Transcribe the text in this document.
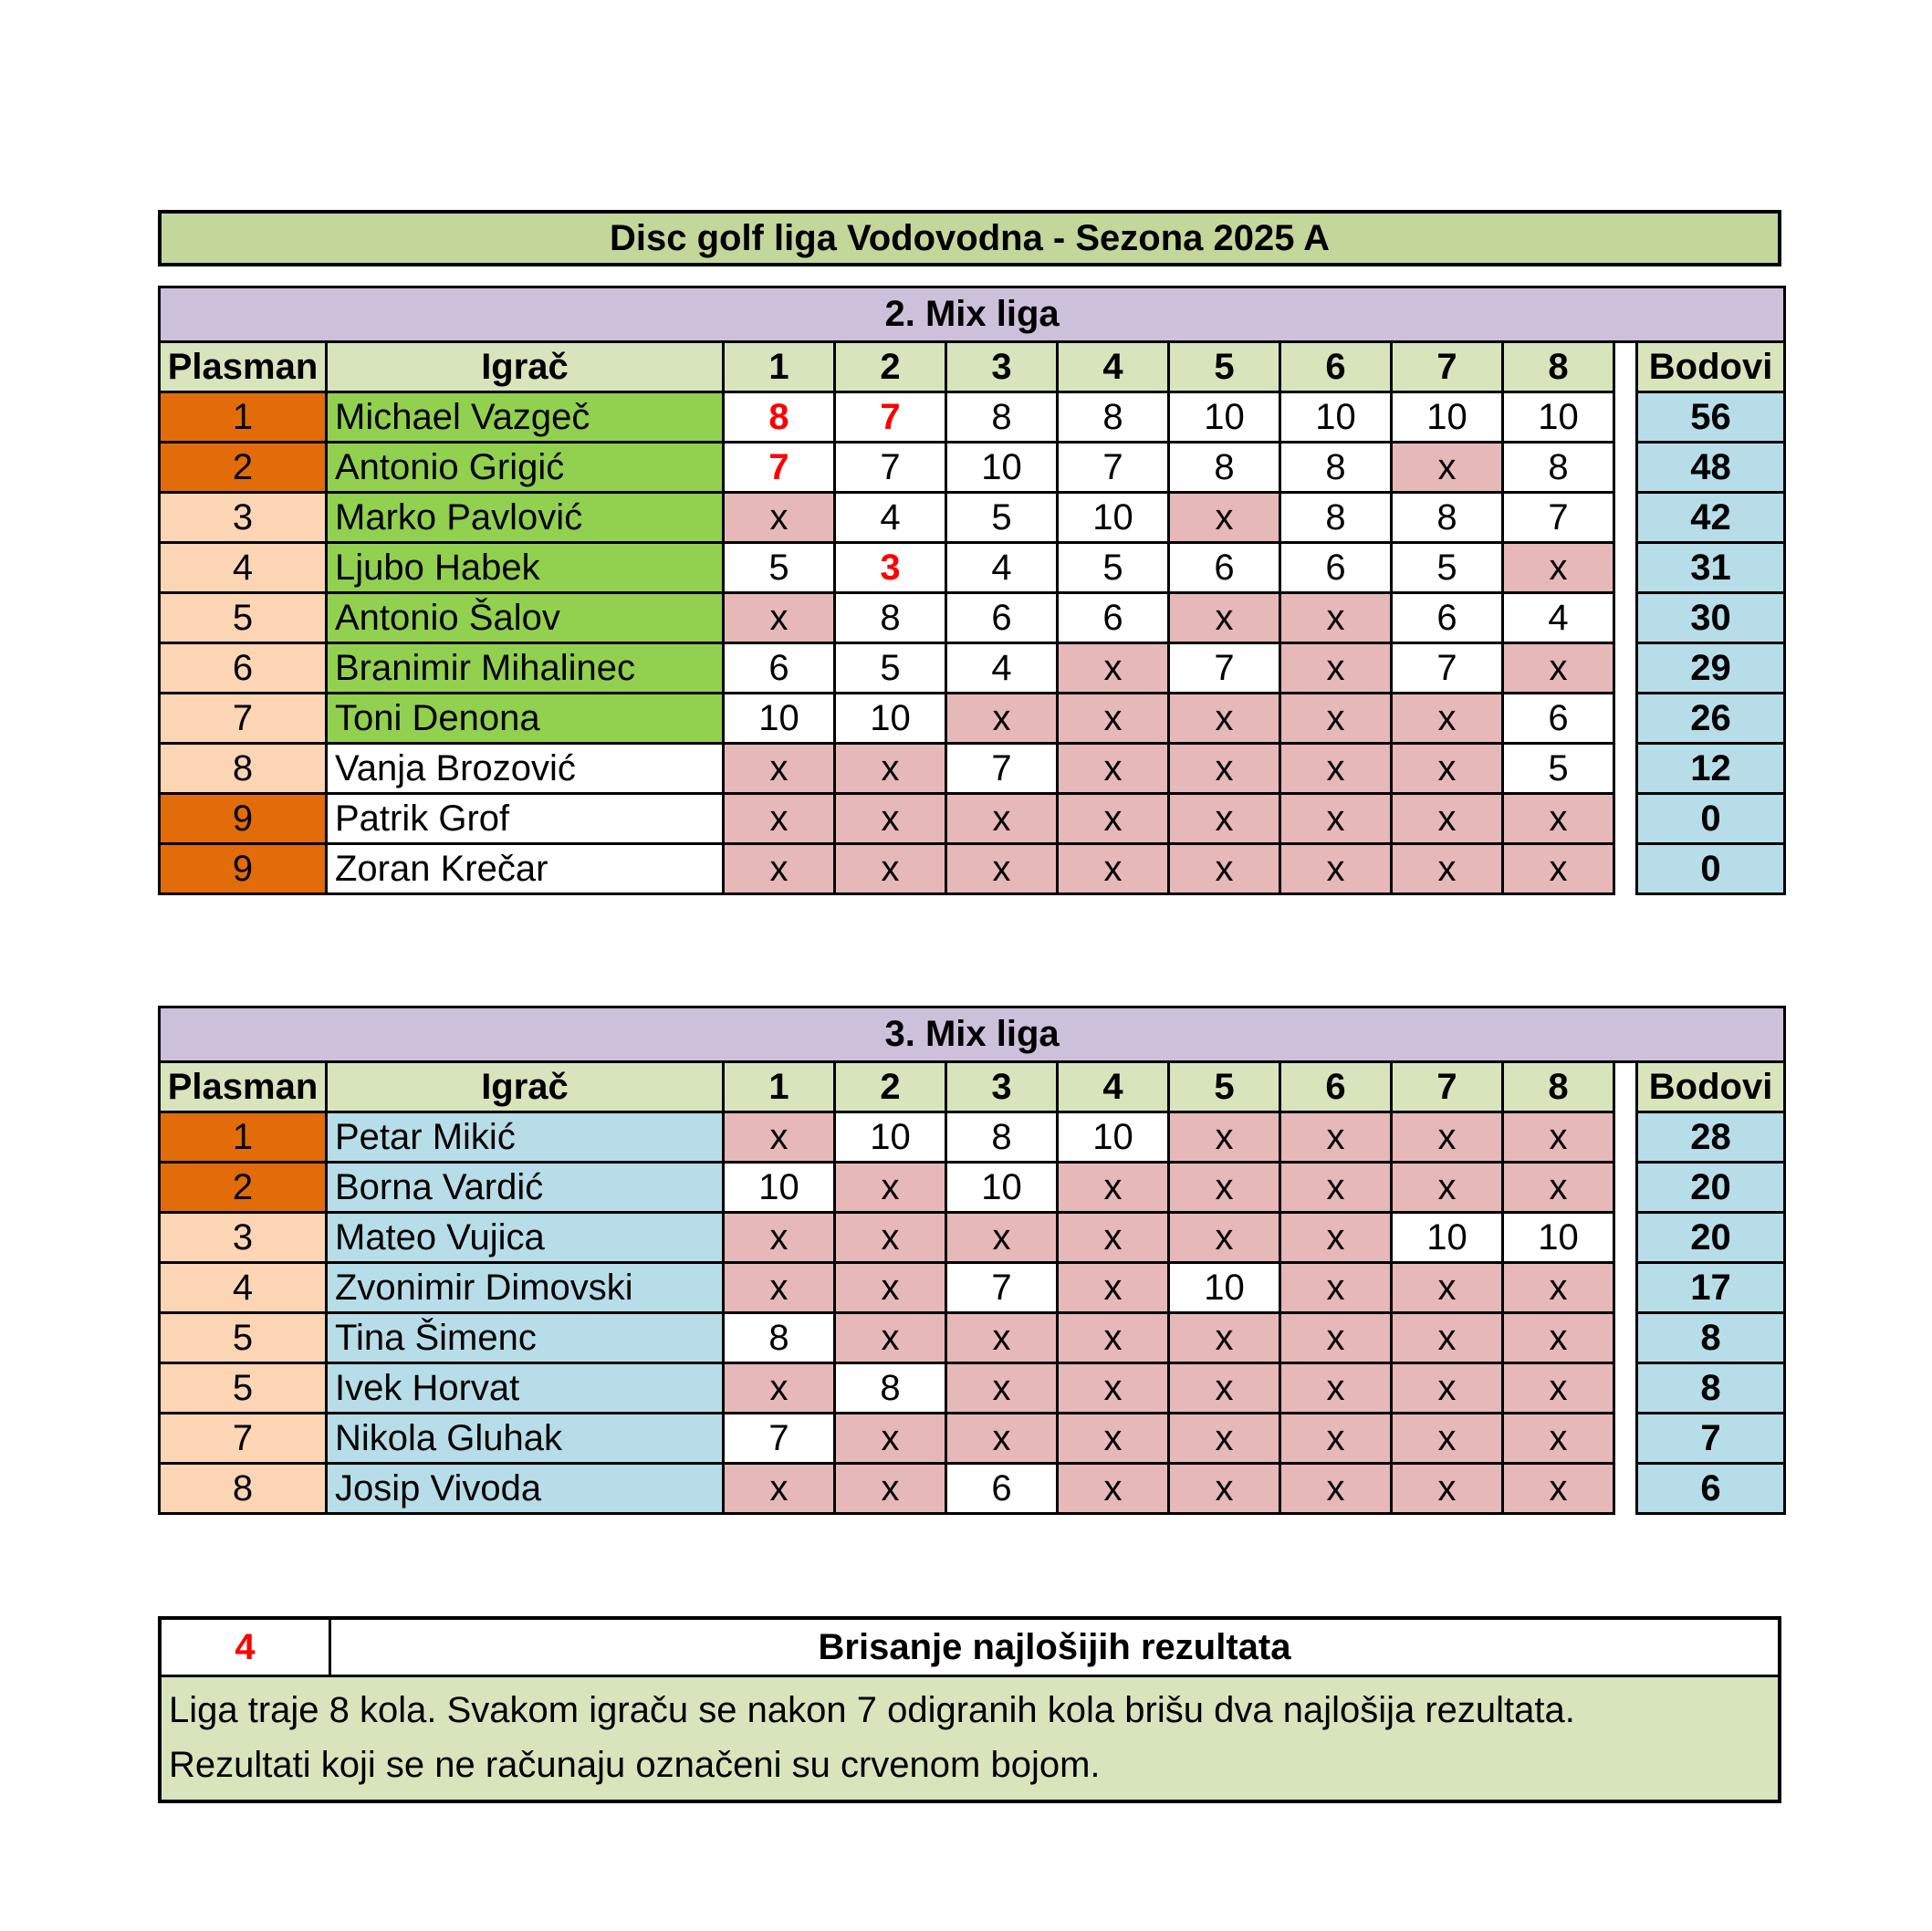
Disc golf liga Vodovodna - Sezona 2025 A
2. Mix liga											
Plasman	Igrač	1	2	3	4	5	6	7	8		Bodovi
1	Michael Vazgeč	8	7	8	8	10	10	10	10		56
2	Antonio Grigić	7	7	10	7	8	8	x	8		48
3	Marko Pavlović	x	4	5	10	x	8	8	7		42
4	Ljubo Habek	5	3	4	5	6	6	5	x		31
5	Antonio Šalov	x	8	6	6	x	x	6	4		30
6	Branimir Mihalinec	6	5	4	x	7	x	7	x		29
7	Toni Denona	10	10	x	x	x	x	x	6		26
8	Vanja Brozović	x	x	7	x	x	x	x	5		12
9	Patrik Grof	x	x	x	x	x	x	x	x		0
9	Zoran Krečar	x	x	x	x	x	x	x	x		0
3. Mix liga											
Plasman	Igrač	1	2	3	4	5	6	7	8		Bodovi
1	Petar Mikić	x	10	8	10	x	x	x	x		28
2	Borna Vardić	10	x	10	x	x	x	x	x		20
3	Mateo Vujica	x	x	x	x	x	x	10	10		20
4	Zvonimir Dimovski	x	x	7	x	10	x	x	x		17
5	Tina Šimenc	8	x	x	x	x	x	x	x		8
5	Ivek Horvat	x	8	x	x	x	x	x	x		8
7	Nikola Gluhak	7	x	x	x	x	x	x	x		7
8	Josip Vivoda	x	x	6	x	x	x	x	x		6
4	Brisanje najlošijih rezultata
Liga traje 8 kola. Svakom igraču se nakon 7 odigranih kola brišu dva najlošija rezultata.
Rezultati koji se ne računaju označeni su crvenom bojom.
